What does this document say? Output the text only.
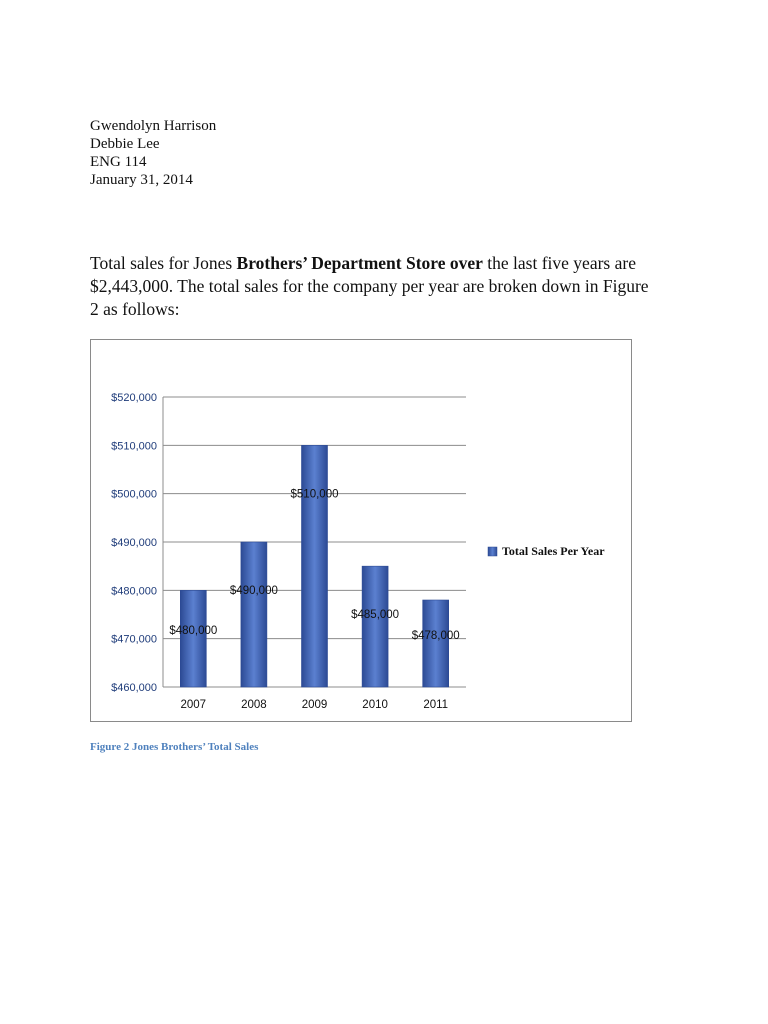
Gwendolyn Harrison
Debbie Lee
ENG 114
January 31, 2014

Total sales for Jones Brothers’ Department Store over the last five years are $2,443,000. The total sales for the company per year are broken down in Figure 2 as follows:

$460,000
$470,000
$480,000
$490,000
$500,000
$510,000
$520,000
2007	2008	2009	2010	2011
$480,000
$490,000
$510,000
$485,000
$478,000
Total Sales Per Year
Figure 2 Jones Brothers’ Total Sales
